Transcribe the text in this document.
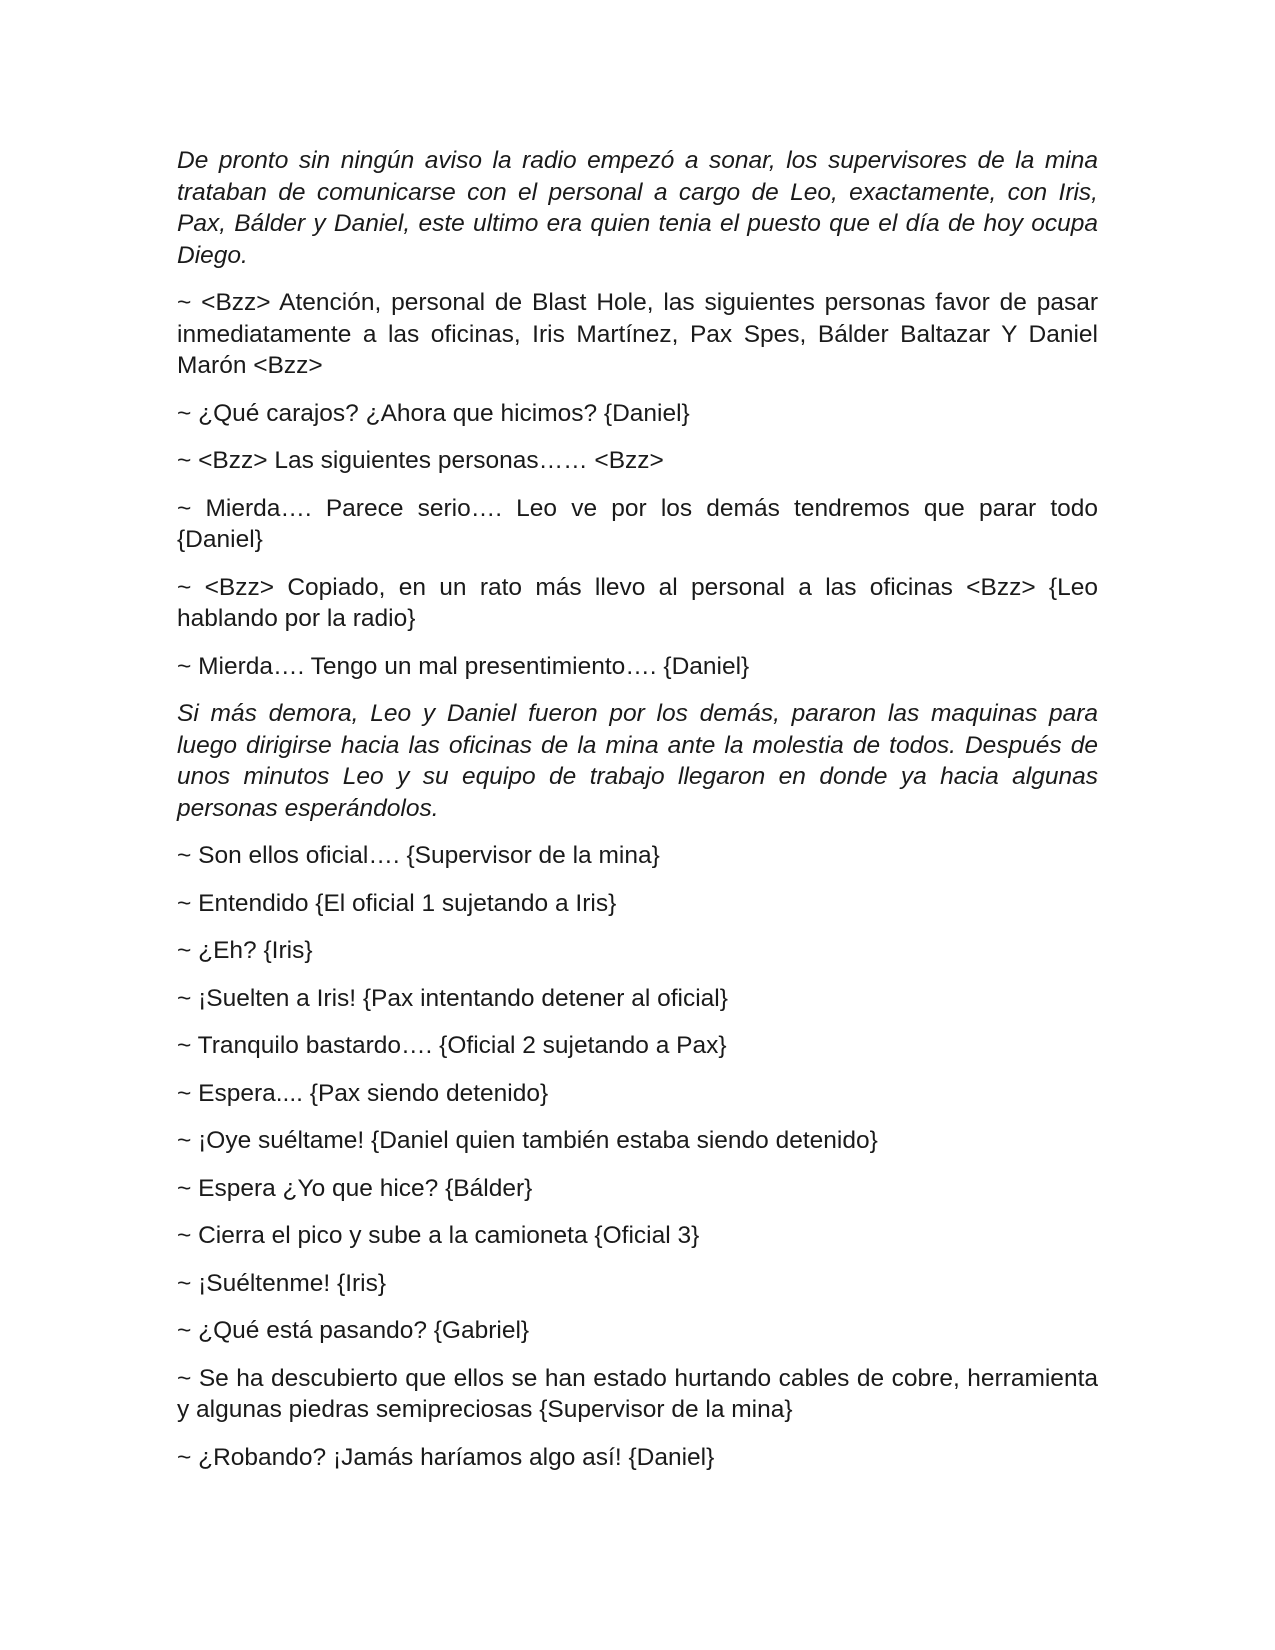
De pronto sin ningún aviso la radio empezó a sonar, los supervisores de la mina trataban de comunicarse con el personal a cargo de Leo, exactamente, con Iris, Pax, Bálder y Daniel, este ultimo era quien tenia el puesto que el día de hoy ocupa Diego.

~ <Bzz> Atención, personal de Blast Hole, las siguientes personas favor de pasar inmediatamente a las oficinas, Iris Martínez, Pax Spes, Bálder Baltazar Y Daniel Marón <Bzz>

~ ¿Qué carajos? ¿Ahora que hicimos? {Daniel}

~ <Bzz> Las siguientes personas…… <Bzz>

~ Mierda…. Parece serio…. Leo ve por los demás tendremos que parar todo {Daniel}

~ <Bzz> Copiado, en un rato más llevo al personal a las oficinas <Bzz> {Leo hablando por la radio}

~ Mierda…. Tengo un mal presentimiento…. {Daniel}

Si más demora, Leo y Daniel fueron por los demás, pararon las maquinas para luego dirigirse hacia las oficinas de la mina ante la molestia de todos. Después de unos minutos Leo y su equipo de trabajo llegaron en donde ya hacia algunas personas esperándolos.

~ Son ellos oficial…. {Supervisor de la mina}

~ Entendido {El oficial 1 sujetando a Iris}

~ ¿Eh? {Iris}

~ ¡Suelten a Iris! {Pax intentando detener al oficial}

~ Tranquilo bastardo…. {Oficial 2 sujetando a Pax}

~ Espera.... {Pax siendo detenido}

~ ¡Oye suéltame! {Daniel quien también estaba siendo detenido}

~ Espera ¿Yo que hice? {Bálder}

~ Cierra el pico y sube a la camioneta {Oficial 3}

~ ¡Suéltenme! {Iris}

~ ¿Qué está pasando? {Gabriel}

~ Se ha descubierto que ellos se han estado hurtando cables de cobre, herramienta y algunas piedras semipreciosas {Supervisor de la mina}

~ ¿Robando? ¡Jamás haríamos algo así! {Daniel}
